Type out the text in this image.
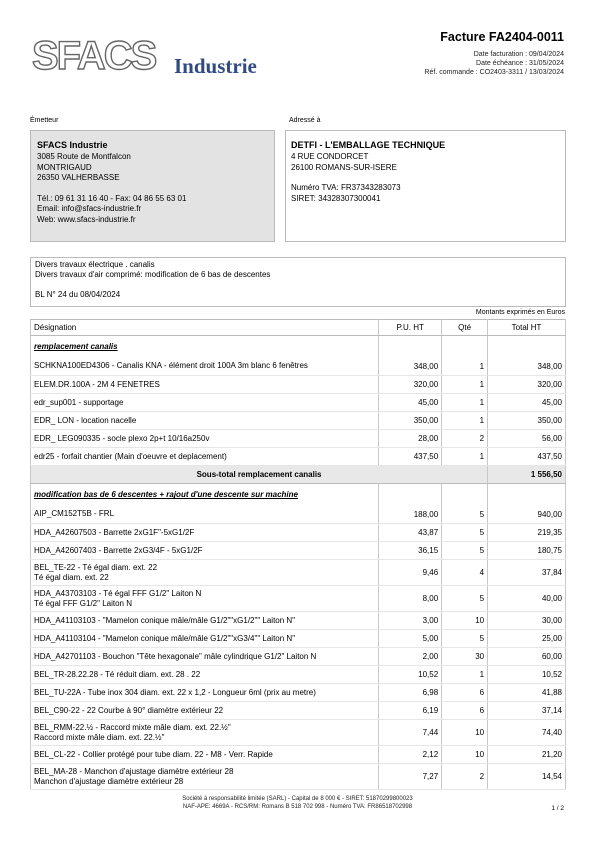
SFACS Industrie
Facture FA2404-0011
Date facturation : 09/04/2024
Date échéance : 31/05/2024
Réf. commande : CO2403-3311 / 13/03/2024
Émetteur
SFACS Industrie
3085 Route de Montfalcon
MONTRIGAUD
26350 VALHERBASSE
Tél.: 09 61 31 16 40 - Fax: 04 86 55 63 01
Email: info@sfacs-industrie.fr
Web: www.sfacs-industrie.fr
Adressé à
DETFI - L'EMBALLAGE TECHNIQUE
4 RUE CONDORCET
26100 ROMANS-SUR-ISERE
Numéro TVA: FR37343283073
SIRET: 34328307300041
Divers travaux électrique . canalis
Divers travaux d'air comprimé: modification de 6 bas de descentes
BL N° 24 du 08/04/2024
Montants exprimés en Euros
Désignation	P.U. HT	Qté	Total HT
remplacement canalis			

SCHKNA100ED4306 - Canalis KNA - élément droit 100A 3m blanc 6 fenêtres	348,00	1	348,00

ELEM.DR.100A - 2M 4 FENETRES	320,00	1	320,00

edr_sup001 - supportage	45,00	1	45,00

EDR_ LON - location nacelle	350,00	1	350,00

EDR_ LEG090335 - socle plexo 2p+t 10/16a250v	28,00	2	56,00

edr25 - forfait chantier (Main d'oeuvre et deplacement)	437,50	1	437,50
Sous-total remplacement canalis			1 556,50
modification bas de 6 descentes + rajout d'une descente sur machine			

AIP_CM152T5B - FRL	188,00	5	940,00

HDA_A42607503 - Barrette 2xG1F"-5xG1/2F	43,87	5	219,35

HDA_A42607403 - Barrette 2xG3/4F - 5xG1/2F	36,15	5	180,75

BEL_TE-22 - Té égal diam. ext. 22
Té égal diam. ext. 22	9,46	4	37,84

HDA_A43703103 - Té égal FFF G1/2" Laiton N
Té égal FFF G1/2" Laiton N	8,00	5	40,00

HDA_A41103103 - "Mamelon conique mâle/mâle G1/2""xG1/2"" Laiton N"	3,00	10	30,00

HDA_A41103104 - "Mamelon conique mâle/mâle G1/2""xG3/4"" Laiton N"	5,00	5	25,00

HDA_A42701103 - Bouchon "Tête hexagonale" mâle cylindrique G1/2" Laiton N	2,00	30	60,00

BEL_TR-28.22.28 - Té réduit diam. ext. 28 . 22	10,52	1	10,52

BEL_TU-22A - Tube inox 304 diam. ext. 22 x 1,2 - Longueur 6ml (prix au metre)	6,98	6	41,88

BEL_C90-22 - 22 Courbe à 90° diamètre extérieur 22	6,19	6	37,14

BEL_RMM-22.½ - Raccord mixte mâle diam. ext. 22.½"
Raccord mixte mâle diam. ext. 22.½"	7,44	10	74,40

BEL_CL-22 - Collier protégé pour tube diam. 22 - M8 - Verr. Rapide	2,12	10	21,20

BEL_MA-28 - Manchon d'ajustage diamètre extérieur 28
Manchon d'ajustage diamètre extérieur 28	7,27	2	14,54
Société à responsabilité limitée (SARL) - Capital de 8 000 € - SIRET: 51870299800023
NAF-APE: 4669A - RCS/RM: Romans B 518 702 998 - Numéro TVA: FR86518702998	1 / 2
